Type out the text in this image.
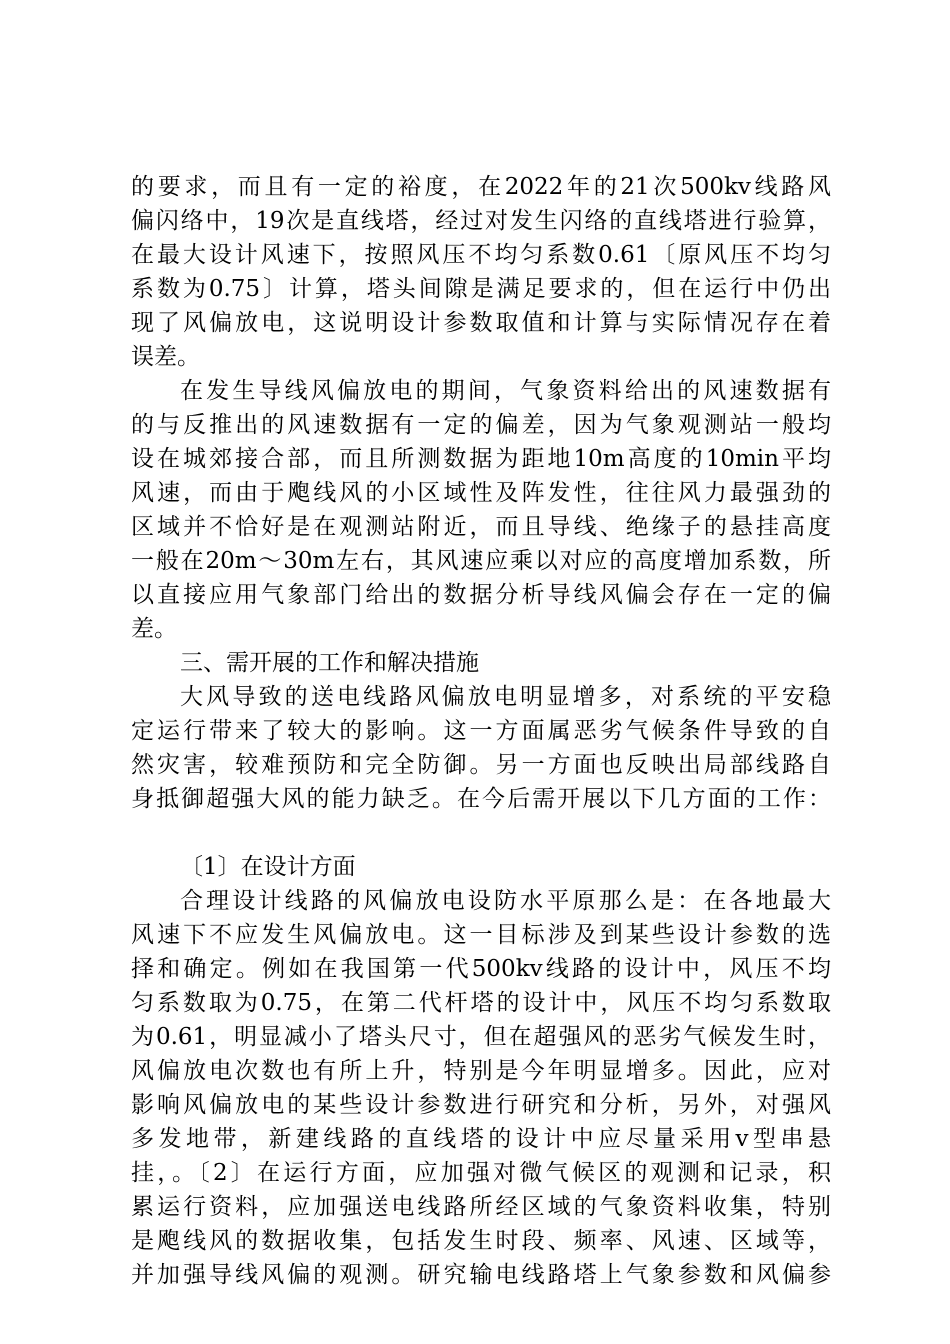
的要求，而且有一定的裕度，在2022年的21次500kv线路风
偏闪络中，19次是直线塔，经过对发生闪络的直线塔进行验算，
在最大设计风速下，按照风压不均匀系数0.61〔原风压不均匀
系数为0.75〕计算，塔头间隙是满足要求的，但在运行中仍出
现了风偏放电，这说明设计参数取值和计算与实际情况存在着
误差。
在发生导线风偏放电的期间，气象资料给出的风速数据有
的与反推出的风速数据有一定的偏差，因为气象观测站一般均
设在城郊接合部，而且所测数据为距地10m高度的10min平均
风速，而由于飑线风的小区域性及阵发性，往往风力最强劲的
区域并不恰好是在观测站附近，而且导线、绝缘子的悬挂高度
一般在20m～30m左右，其风速应乘以对应的高度增加系数，所
以直接应用气象部门给出的数据分析导线风偏会存在一定的偏
差。
三、需开展的工作和解决措施
大风导致的送电线路风偏放电明显增多，对系统的平安稳
定运行带来了较大的影响。这一方面属恶劣气候条件导致的自
然灾害，较难预防和完全防御。另一方面也反映出局部线路自
身抵御超强大风的能力缺乏。在今后需开展以下几方面的工作：
〔1〕在设计方面
合理设计线路的风偏放电设防水平原那么是：在各地最大
风速下不应发生风偏放电。这一目标涉及到某些设计参数的选
择和确定。例如在我国第一代500kv线路的设计中，风压不均
匀系数取为0.75，在第二代杆塔的设计中，风压不均匀系数取
为0.61，明显减小了塔头尺寸，但在超强风的恶劣气候发生时，
风偏放电次数也有所上升，特别是今年明显增多。因此，应对
影响风偏放电的某些设计参数进行研究和分析，另外，对强风
多发地带，新建线路的直线塔的设计中应尽量采用v型串悬
挂，。〔2〕在运行方面，应加强对微气候区的观测和记录，积
累运行资料，应加强送电线路所经区域的气象资料收集，特别
是飑线风的数据收集，包括发生时段、频率、风速、区域等，
并加强导线风偏的观测。研究输电线路塔上气象参数和风偏参
